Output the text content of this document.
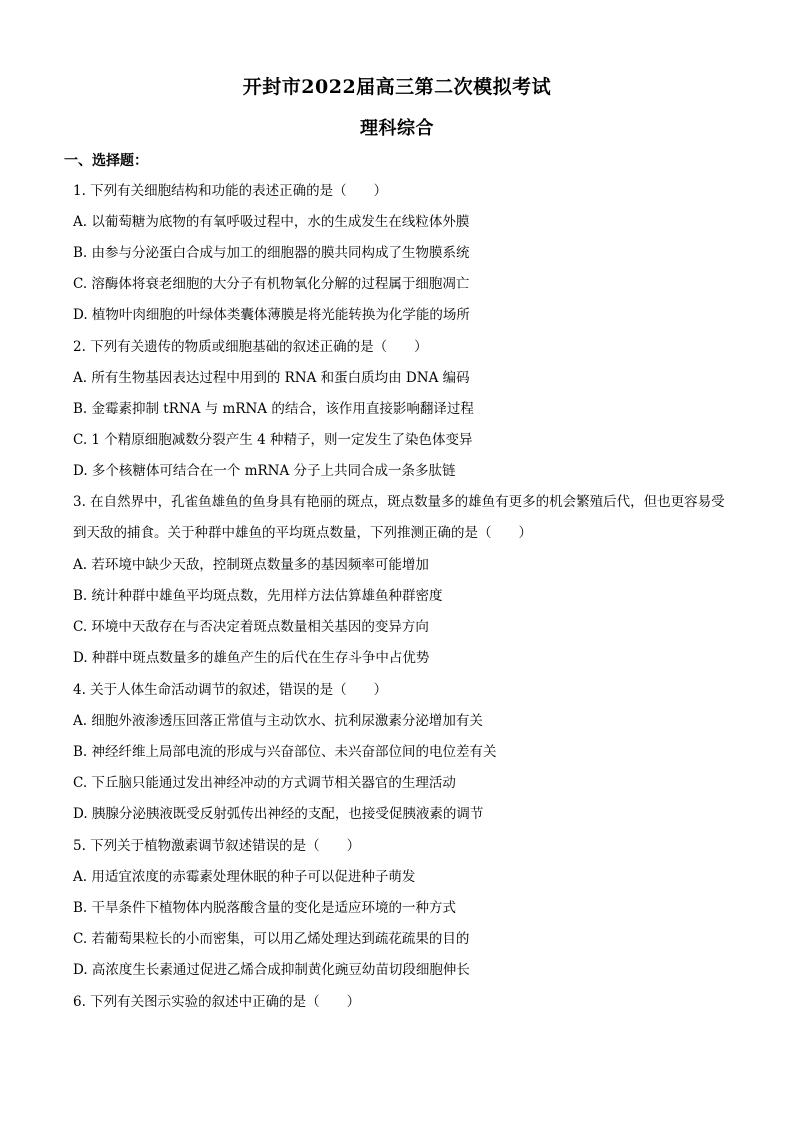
开封市2022届高三第二次模拟考试
理科综合
一、选择题：
1. 下列有关细胞结构和功能的表述正确的是（　　）
A. 以葡萄糖为底物的有氧呼吸过程中，水的生成发生在线粒体外膜
B. 由参与分泌蛋白合成与加工的细胞器的膜共同构成了生物膜系统
C. 溶酶体将衰老细胞的大分子有机物氧化分解的过程属于细胞凋亡
D. 植物叶肉细胞的叶绿体类囊体薄膜是将光能转换为化学能的场所
2. 下列有关遗传的物质或细胞基础的叙述正确的是（　　）
A. 所有生物基因表达过程中用到的 RNA 和蛋白质均由 DNA 编码
B. 金霉素抑制 tRNA 与 mRNA 的结合，该作用直接影响翻译过程
C. 1 个精原细胞减数分裂产生 4 种精子，则一定发生了染色体变异
D. 多个核糖体可结合在一个 mRNA 分子上共同合成一条多肽链
3. 在自然界中，孔雀鱼雄鱼的鱼身具有艳丽的斑点，斑点数量多的雄鱼有更多的机会繁殖后代，但也更容易受到天敌的捕食。关于种群中雄鱼的平均斑点数量，下列推测正确的是（　　）
A. 若环境中缺少天敌，控制斑点数量多的基因频率可能增加
B. 统计种群中雄鱼平均斑点数，先用样方法估算雄鱼种群密度
C. 环境中天敌存在与否决定着斑点数量相关基因的变异方向
D. 种群中斑点数量多的雄鱼产生的后代在生存斗争中占优势
4. 关于人体生命活动调节的叙述，错误的是（　　）
A. 细胞外液渗透压回落正常值与主动饮水、抗利尿激素分泌增加有关
B. 神经纤维上局部电流的形成与兴奋部位、未兴奋部位间的电位差有关
C. 下丘脑只能通过发出神经冲动的方式调节相关器官的生理活动
D. 胰腺分泌胰液既受反射弧传出神经的支配，也接受促胰液素的调节
5. 下列关于植物激素调节叙述错误的是（　　）
A. 用适宜浓度的赤霉素处理休眠的种子可以促进种子萌发
B. 干旱条件下植物体内脱落酸含量的变化是适应环境的一种方式
C. 若葡萄果粒长的小而密集，可以用乙烯处理达到疏花疏果的目的
D. 高浓度生长素通过促进乙烯合成抑制黄化豌豆幼苗切段细胞伸长
6. 下列有关图示实验的叙述中正确的是（　　）
